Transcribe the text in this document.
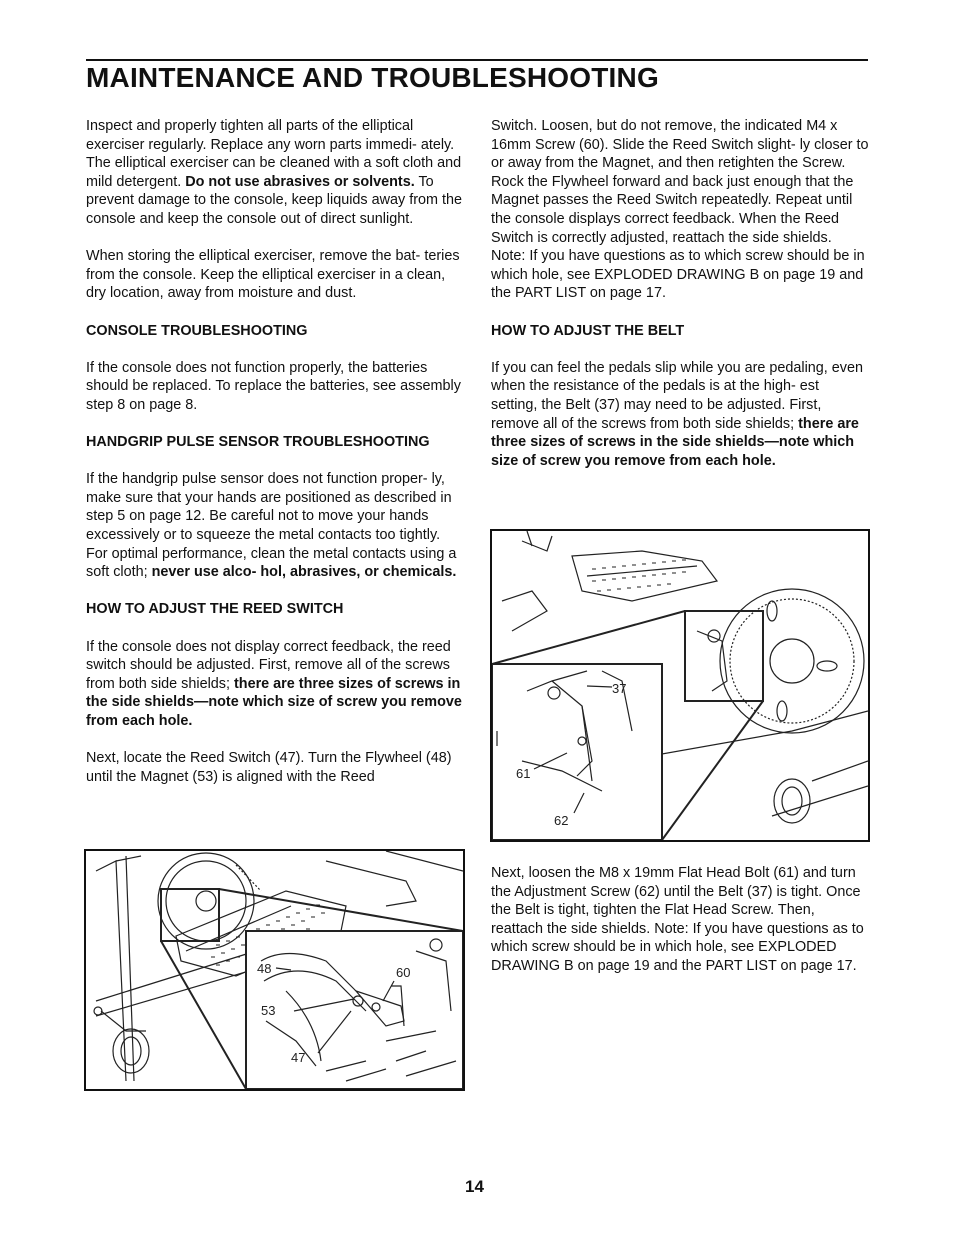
MAINTENANCE AND TROUBLESHOOTING

Inspect and properly tighten all parts of the elliptical exerciser regularly. Replace any worn parts immedi- ately. The elliptical exerciser can be cleaned with a soft cloth and mild detergent. Do not use abrasives or solvents. To prevent damage to the console, keep liquids away from the console and keep the console out of direct sunlight.

When storing the elliptical exerciser, remove the bat- teries from the console. Keep the elliptical exerciser in a clean, dry location, away from moisture and dust.

CONSOLE TROUBLESHOOTING

If the console does not function properly, the batteries should be replaced. To replace the batteries, see assembly step 8 on page 8.

HANDGRIP PULSE SENSOR TROUBLESHOOTING

If the handgrip pulse sensor does not function proper- ly, make sure that your hands are positioned as described in step 5 on page 12. Be careful not to move your hands excessively or to squeeze the metal contacts too tightly. For optimal performance, clean the metal contacts using a soft cloth; never use alco- hol, abrasives, or chemicals.

HOW TO ADJUST THE REED SWITCH

If the console does not display correct feedback, the reed switch should be adjusted. First, remove all of the screws from both side shields; there are three sizes of screws in the side shields—note which size of screw you remove from each hole.

Next, locate the Reed Switch (47). Turn the Flywheel (48) until the Magnet (53) is aligned with the Reed

Switch. Loosen, but do not remove, the indicated M4 x 16mm Screw (60). Slide the Reed Switch slight- ly closer to or away from the Magnet, and then retighten the Screw. Rock the Flywheel forward and back just enough that the Magnet passes the Reed Switch repeatedly. Repeat until the console displays correct feedback. When the Reed Switch is correctly adjusted, reattach the side shields. Note: If you have questions as to which screw should be in which hole, see EXPLODED DRAWING B on page 19 and the PART LIST on page 17.

HOW TO ADJUST THE BELT

If you can feel the pedals slip while you are pedaling, even when the resistance of the pedals is at the high- est setting, the Belt (37) may need to be adjusted. First, remove all of the screws from both side shields; there are three sizes of screws in the side shields—note which size of screw you remove from each hole.

Next, loosen the M8 x 19mm Flat Head Bolt (61) and turn the Adjustment Screw (62) until the Belt (37) is tight. Once the Belt is tight, tighten the Flat Head Screw. Then, reattach the side shields. Note: If you have questions as to which screw should be in which hole, see EXPLODED DRAWING B on page 19 and the PART LIST on page 17.

48
53
47
60
37
61
62
14
